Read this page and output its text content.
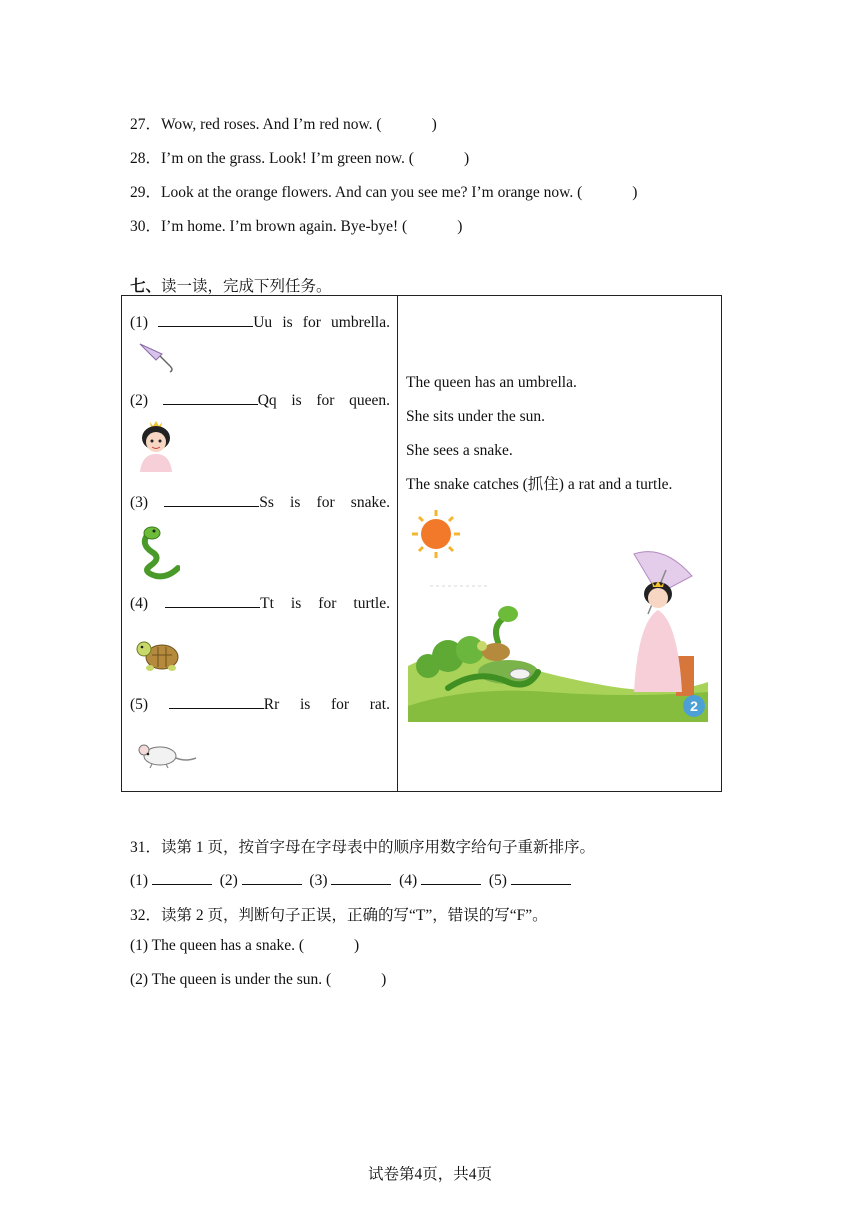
27．Wow, red roses. And I’m red now. (	)
28．I’m on the grass. Look! I’m green now. (	)
29．Look at the orange flowers. And can you see me? I’m orange now. (	)
30．I’m home. I’m brown again. Bye-bye! (	)
七、读一读，完成下列任务。
(1)	Uu is for umbrella.
(2)	Qq is for queen.
(3)	Ss is for snake.
(4)	Tt is for turtle.
(5)	Rr is for rat.

The queen has an umbrella.

She sits under the sun.

She sees a snake.

The snake catches (抓住) a rat and a turtle.

2
31．读第 1 页，按首字母在字母表中的顺序用数字给句子重新排序。
(1)	(2)	(3)	(4)	(5)
32．读第 2 页，判断句子正误，正确的写“T”，错误的写“F”。
(1) The queen has a snake. (	)
(2) The queen is under the sun. (	)
试卷第4页，共4页
